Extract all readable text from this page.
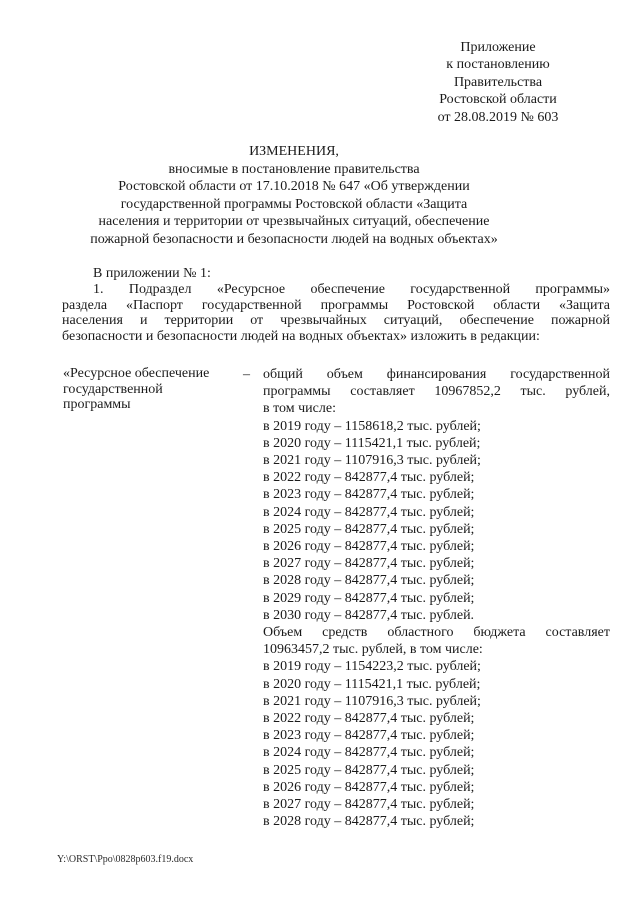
Приложение
к постановлению
Правительства
Ростовской области
от 28.08.2019 № 603
ИЗМЕНЕНИЯ,
вносимые в постановление правительства
Ростовской области от 17.10.2018 № 647 «Об утверждении
государственной программы Ростовской области «Защита
населения и территории от чрезвычайных ситуаций, обеспечение
пожарной безопасности и безопасности людей на водных объектах»
В приложении № 1:
1. Подраздел «Ресурсное обеспечение государственной программы»
раздела «Паспорт государственной программы Ростовской области «Защита
населения и территории от чрезвычайных ситуаций, обеспечение пожарной
безопасности и безопасности людей на водных объектах» изложить в редакции:
«Ресурсное обеспечение
государственной
программы
– общий объем финансирования государственной
программы составляет 10967852,2 тыс. рублей,
в том числе:
в 2019 году – 1158618,2 тыс. рублей;
в 2020 году – 1115421,1 тыс. рублей;
в 2021 году – 1107916,3 тыс. рублей;
в 2022 году – 842877,4 тыс. рублей;
в 2023 году – 842877,4 тыс. рублей;
в 2024 году – 842877,4 тыс. рублей;
в 2025 году – 842877,4 тыс. рублей;
в 2026 году – 842877,4 тыс. рублей;
в 2027 году – 842877,4 тыс. рублей;
в 2028 году – 842877,4 тыс. рублей;
в 2029 году – 842877,4 тыс. рублей;
в 2030 году – 842877,4 тыс. рублей.
Объем средств областного бюджета составляет
10963457,2 тыс. рублей, в том числе:
в 2019 году – 1154223,2 тыс. рублей;
в 2020 году – 1115421,1 тыс. рублей;
в 2021 году – 1107916,3 тыс. рублей;
в 2022 году – 842877,4 тыс. рублей;
в 2023 году – 842877,4 тыс. рублей;
в 2024 году – 842877,4 тыс. рублей;
в 2025 году – 842877,4 тыс. рублей;
в 2026 году – 842877,4 тыс. рублей;
в 2027 году – 842877,4 тыс. рублей;
в 2028 году – 842877,4 тыс. рублей;
Y:\ORST\Ppo\0828p603.f19.docx
